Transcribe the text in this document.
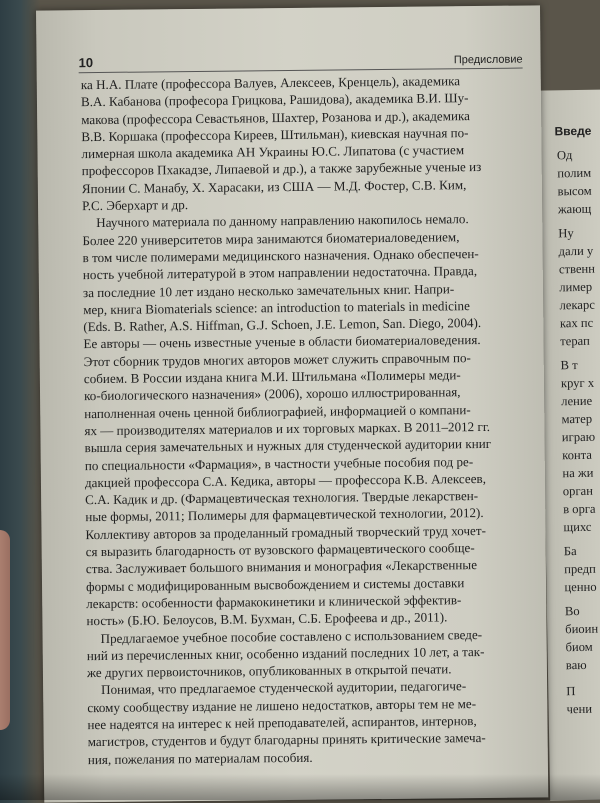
Введе
Од
полим
высом
жающ
Ну
дали у
ственн
лимер
лекарс
ках пс
терап
В т
круг х
ление
матер
играю
конта
на жи
орган
в орга
щихс
Ба
предп
ценно
Во
биоин
биом
ваю
П
чени
10	Предисловие
ка Н.А. Плате (профессора Валуев, Алексеев, Кренцель), академика
В.А. Кабанова (професора Грицкова, Рашидова), академика В.И. Шу-
макова (профессора Севастьянов, Шахтер, Розанова и др.), академика
В.В. Коршака (профессора Киреев, Штильман), киевская научная по-
лимерная школа академика АН Украины Ю.С. Липатова (с участием
профессоров Пхакадзе, Липаевой и др.), а также зарубежные ученые из
Японии С. Манабу, Х. Харасаки, из США — М.Д. Фостер, С.В. Ким,
Р.С. Эберхарт и др.
Научного материала по данному направлению накопилось немало.
Более 220 университетов мира занимаются биоматериаловедением,
в том числе полимерами медицинского назначения. Однако обеспечен-
ность учебной литературой в этом направлении недостаточна. Правда,
за последние 10 лет издано несколько замечательных книг. Напри-
мер, книга Biomaterials science: an introduction to materials in medicine
(Eds. B. Rather, A.S. Hiffman, G.J. Schoen, J.E. Lemon, San. Diego, 2004).
Ее авторы — очень известные ученые в области биоматериаловедения.
Этот сборник трудов многих авторов может служить справочным по-
собием. В России издана книга М.И. Штильмана «Полимеры меди-
ко-биологического назначения» (2006), хорошо иллюстрированная,
наполненная очень ценной библиографией, информацией о компани-
ях — производителях материалов и их торговых марках. В 2011–2012 гг.
вышла серия замечательных и нужных для студенческой аудитории книг
по специальности «Фармация», в частности учебные пособия под ре-
дакцией профессора С.А. Кедика, авторы — профессора К.В. Алексеев,
С.А. Кадик и др. (Фармацевтическая технология. Твердые лекарствен-
ные формы, 2011; Полимеры для фармацевтической технологии, 2012).
Коллективу авторов за проделанный громадный творческий труд хочет-
ся выразить благодарность от вузовского фармацевтического сообще-
ства. Заслуживает большого внимания и монография «Лекарственные
формы с модифицированным высвобождением и системы доставки
лекарств: особенности фармакокинетики и клинической эффектив-
ность» (Б.Ю. Белоусов, В.М. Бухман, С.Б. Ерофеева и др., 2011).
Предлагаемое учебное пособие составлено с использованием сведе-
ний из перечисленных книг, особенно изданий последних 10 лет, а так-
же других первоисточников, опубликованных в открытой печати.
Понимая, что предлагаемое студенческой аудитории, педагогиче-
скому сообществу издание не лишено недостатков, авторы тем не ме-
нее надеятся на интерес к ней преподавателей, аспирантов, интернов,
магистров, студентов и будут благодарны принять критические замеча-
ния, пожелания по материалам пособия.
